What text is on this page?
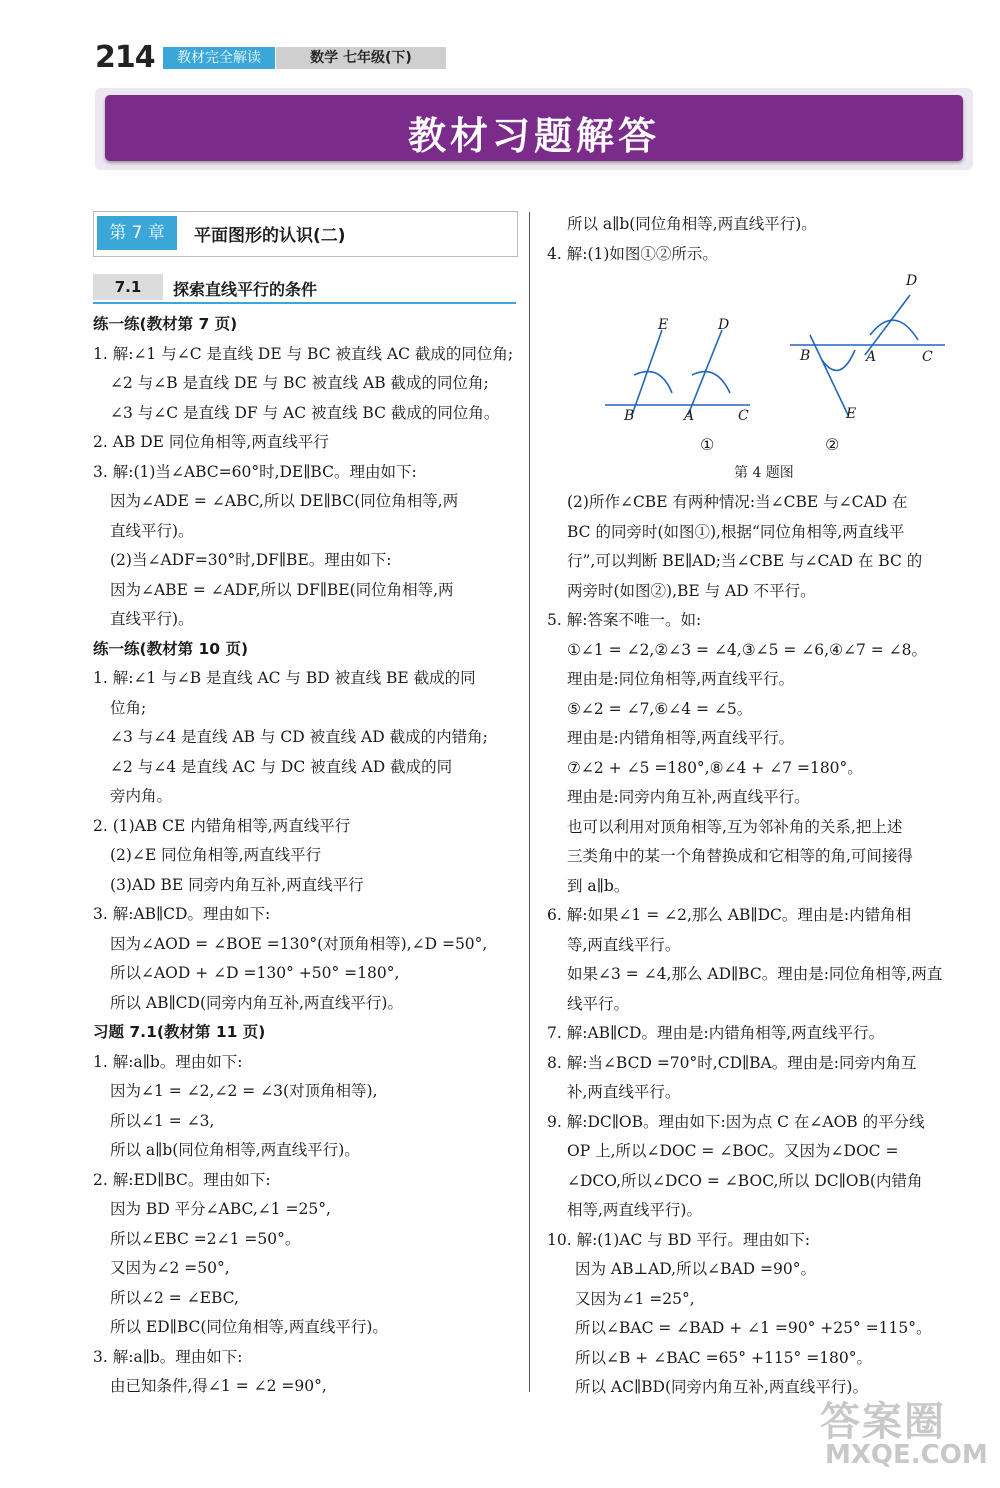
214	教材完全解读	数学 七年级(下)
教材习题解答
第 7 章	平面图形的认识(二)
7.1	探索直线平行的条件
练一练(教材第 7 页)
1. 解:∠1 与∠C 是直线 DE 与 BC 被直线 AC 截成的同位角;
∠2 与∠B 是直线 DE 与 BC 被直线 AB 截成的同位角;
∠3 与∠C 是直线 DF 与 AC 被直线 BC 截成的同位角。
2. AB DE 同位角相等,两直线平行
3. 解:(1)当∠ABC=60°时,DE∥BC。理由如下:
因为∠ADE = ∠ABC,所以 DE∥BC(同位角相等,两
直线平行)。
(2)当∠ADF=30°时,DF∥BE。理由如下:
因为∠ABE = ∠ADF,所以 DF∥BE(同位角相等,两
直线平行)。
练一练(教材第 10 页)
1. 解:∠1 与∠B 是直线 AC 与 BD 被直线 BE 截成的同
位角;
∠3 与∠4 是直线 AB 与 CD 被直线 AD 截成的内错角;
∠2 与∠4 是直线 AC 与 DC 被直线 AD 截成的同
旁内角。
2. (1)AB CE 内错角相等,两直线平行
(2)∠E 同位角相等,两直线平行
(3)AD BE 同旁内角互补,两直线平行
3. 解:AB∥CD。理由如下:
因为∠AOD = ∠BOE =130°(对顶角相等),∠D =50°,
所以∠AOD + ∠D =130° +50° =180°,
所以 AB∥CD(同旁内角互补,两直线平行)。
习题 7.1(教材第 11 页)
1. 解:a∥b。理由如下:
因为∠1 = ∠2,∠2 = ∠3(对顶角相等),
所以∠1 = ∠3,
所以 a∥b(同位角相等,两直线平行)。
2. 解:ED∥BC。理由如下:
因为 BD 平分∠ABC,∠1 =25°,
所以∠EBC =2∠1 =50°。
又因为∠2 =50°,
所以∠2 = ∠EBC,
所以 ED∥BC(同位角相等,两直线平行)。
3. 解:a∥b。理由如下:
由已知条件,得∠1 = ∠2 =90°,
所以 a∥b(同位角相等,两直线平行)。
4. 解:(1)如图①②所示。
(2)所作∠CBE 有两种情况:当∠CBE 与∠CAD 在
BC 的同旁时(如图①),根据“同位角相等,两直线平
行”,可以判断 BE∥AD;当∠CBE 与∠CAD 在 BC 的
两旁时(如图②),BE 与 AD 不平行。
5. 解:答案不唯一。如:
①∠1 = ∠2,②∠3 = ∠4,③∠5 = ∠6,④∠7 = ∠8。
理由是:同位角相等,两直线平行。
⑤∠2 = ∠7,⑥∠4 = ∠5。
理由是:内错角相等,两直线平行。
⑦∠2 + ∠5 =180°,⑧∠4 + ∠7 =180°。
理由是:同旁内角互补,两直线平行。
也可以利用对顶角相等,互为邻补角的关系,把上述
三类角中的某一个角替换成和它相等的角,可间接得
到 a∥b。
6. 解:如果∠1 = ∠2,那么 AB∥DC。理由是:内错角相
等,两直线平行。
如果∠3 = ∠4,那么 AD∥BC。理由是:同位角相等,两直
线平行。
7. 解:AB∥CD。理由是:内错角相等,两直线平行。
8. 解:当∠BCD =70°时,CD∥BA。理由是:同旁内角互
补,两直线平行。
9. 解:DC∥OB。理由如下:因为点 C 在∠AOB 的平分线
OP 上,所以∠DOC = ∠BOC。又因为∠DOC =
∠DCO,所以∠DCO = ∠BOC,所以 DC∥OB(内错角
相等,两直线平行)。
10. 解:(1)AC 与 BD 平行。理由如下:
因为 AB⊥AD,所以∠BAD =90°。
又因为∠1 =25°,
所以∠BAC = ∠BAD + ∠1 =90° +25° =115°。
所以∠B + ∠BAC =65° +115° =180°。
所以 AC∥BD(同旁内角互补,两直线平行)。
E	D
B	A	C
D
B	A	C
E
①	②
第 4 题图
答案圈
MXQE.COM
